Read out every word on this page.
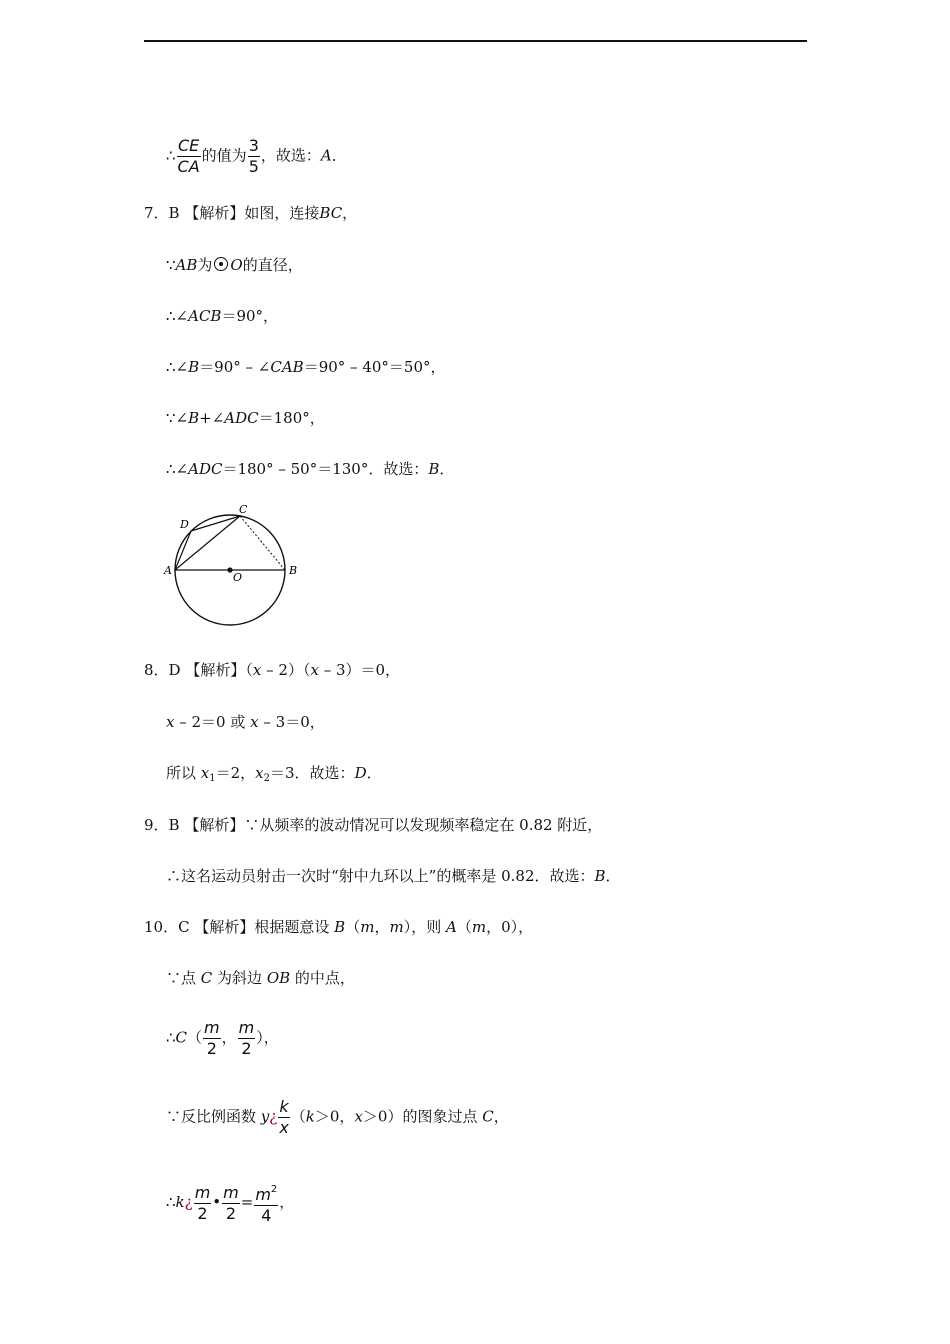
∴ $\frac{CE}{CA}$ 的值为 $\frac{3}{5}$ ，故选：A．
7．B 【解析】如图，连接BC，
∵AB为 O的直径，
∴∠ACB＝90°，
∴∠B＝90° – ∠CAB＝90° – 40°＝50°，
∵∠B+∠ADC＝180°，
∴∠ADC＝180° – 50°＝130°．故选：B．
A	B
C
D
O
8．D 【解析】（x – 2）（x – 3）＝0，
x – 2＝0 或 x – 3＝0，
所以 $x_1=2$，$x_2=3$．故选：D．
9．B 【解析】∵从频率的波动情况可以发现频率稳定在 0.82 附近，
∴这名运动员射击一次时“射中九环以上”的概率是 0.82．故选：B．
10．C 【解析】根据题意设 B（m，m），则 A（m，0），
∵点 C 为斜边 OB 的中点，
∴C（ $\frac{m}{2}$ ， $\frac{m}{2}$ ），
∵反比例函数 y¿ $\frac{k}{x} (k>0$，x＞0）的图象过点 C，
∴k¿ $\frac{m}{2}$ • $\frac{m}{2} = \frac{m^2}{4}$ ，
